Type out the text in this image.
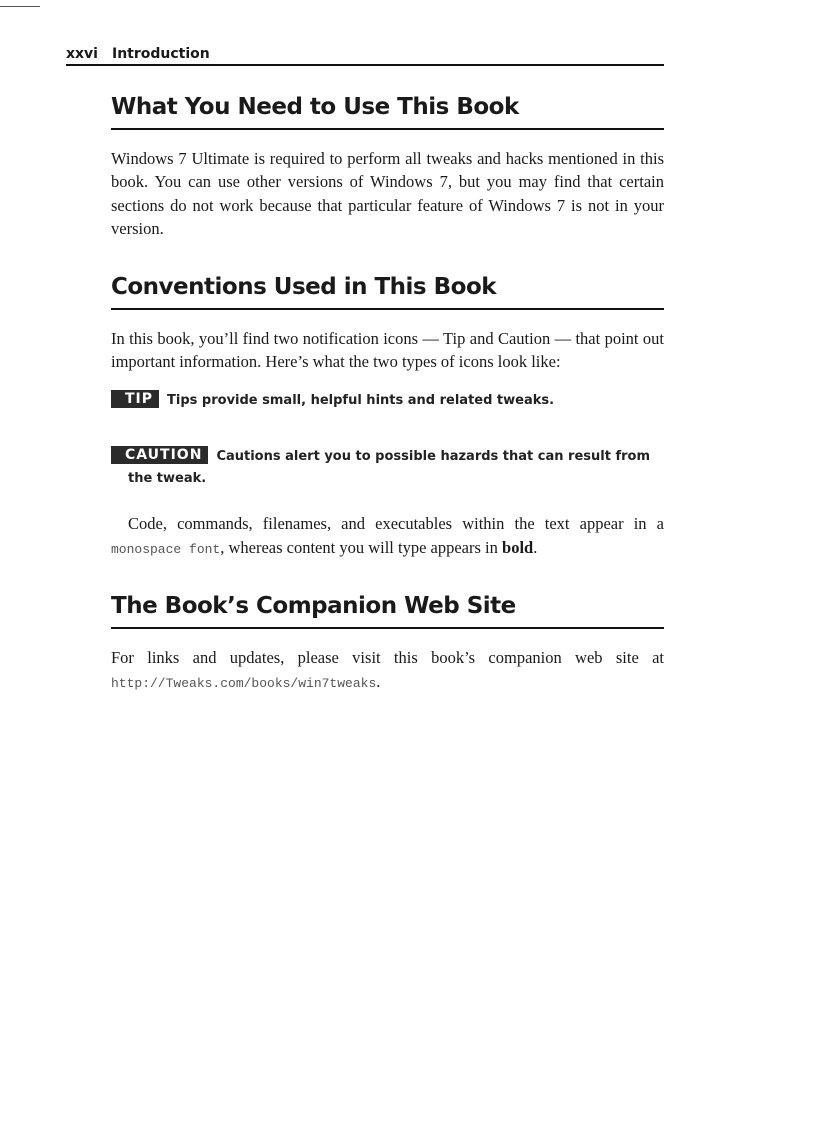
xxvi Introduction
What You Need to Use This Book

Windows 7 Ultimate is required to perform all tweaks and hacks mentioned in this book. You can use other versions of Windows 7, but you may find that certain sections do not work because that particular feature of Windows 7 is not in your version.

Conventions Used in This Book

In this book, you’ll find two notification icons — Tip and Caution — that point out important information. Here’s what the two types of icons look like:

TIP Tips provide small, helpful hints and related tweaks.
CAUTION Cautions alert you to possible hazards that can result from
the tweak.

Code, commands, filenames, and executables within the text appear in a monospace font, whereas content you will type appears in bold.

The Book’s Companion Web Site

For links and updates, please visit this book’s companion web site at http://Tweaks.com/books/win7tweaks.
